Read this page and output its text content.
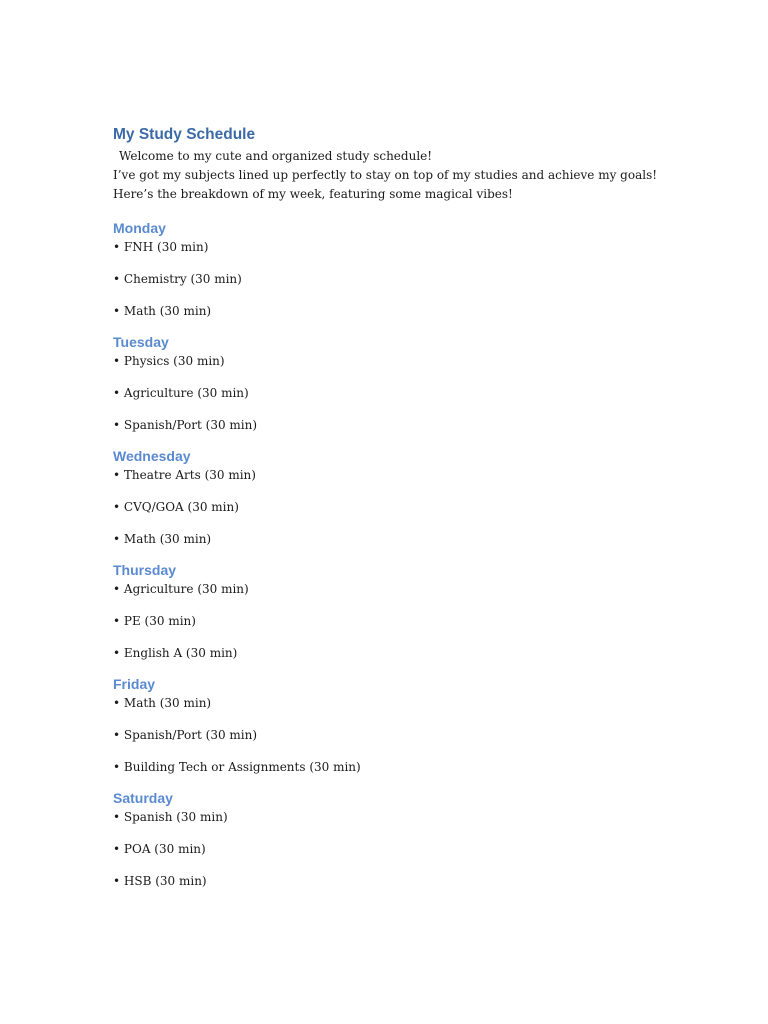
My Study Schedule
Welcome to my cute and organized study schedule!
I’ve got my subjects lined up perfectly to stay on top of my studies and achieve my goals!
Here’s the breakdown of my week, featuring some magical vibes!
Monday
• FNH (30 min)
• Chemistry (30 min)
• Math (30 min)
Tuesday
• Physics (30 min)
• Agriculture (30 min)
• Spanish/Port (30 min)
Wednesday
• Theatre Arts (30 min)
• CVQ/GOA (30 min)
• Math (30 min)
Thursday
• Agriculture (30 min)
• PE (30 min)
• English A (30 min)
Friday
• Math (30 min)
• Spanish/Port (30 min)
• Building Tech or Assignments (30 min)
Saturday
• Spanish (30 min)
• POA (30 min)
• HSB (30 min)
